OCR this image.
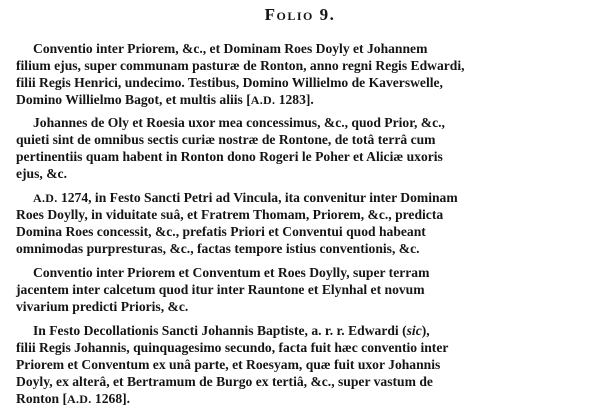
Folio 9.
Conventio inter Priorem, &c., et Dominam Roes Doyly et Johannem
filium ejus, super communam pasturæ de Ronton, anno regni Regis Edwardi,
filii Regis Henrici, undecimo. Testibus, Domino Willielmo de Kaverswelle,
Domino Willielmo Bagot, et multis aliis [A.D. 1283].
Johannes de Oly et Roesia uxor mea concessimus, &c., quod Prior, &c.,
quieti sint de omnibus sectis curiæ nostræ de Rontone, de totâ terrâ cum
pertinentiis quam habent in Ronton dono Rogeri le Poher et Aliciæ uxoris
ejus, &c.
A.D. 1274, in Festo Sancti Petri ad Vincula, ita convenitur inter Dominam
Roes Doylly, in viduitate suâ, et Fratrem Thomam, Priorem, &c., predicta
Domina Roes concessit, &c., prefatis Priori et Conventui quod habeant
omnimodas purpresturas, &c., factas tempore istius conventionis, &c.
Conventio inter Priorem et Conventum et Roes Doylly, super terram
jacentem inter calcetum quod itur inter Rauntone et Elynhal et novum
vivarium predicti Prioris, &c.
In Festo Decollationis Sancti Johannis Baptiste, a. r. r. Edwardi (sic),
filii Regis Johannis, quinquagesimo secundo, facta fuit hæc conventio inter
Priorem et Conventum ex unâ parte, et Roesyam, quæ fuit uxor Johannis
Doyly, ex alterâ, et Bertramum de Burgo ex tertiâ, &c., super vastum de
Ronton [A.D. 1268].
